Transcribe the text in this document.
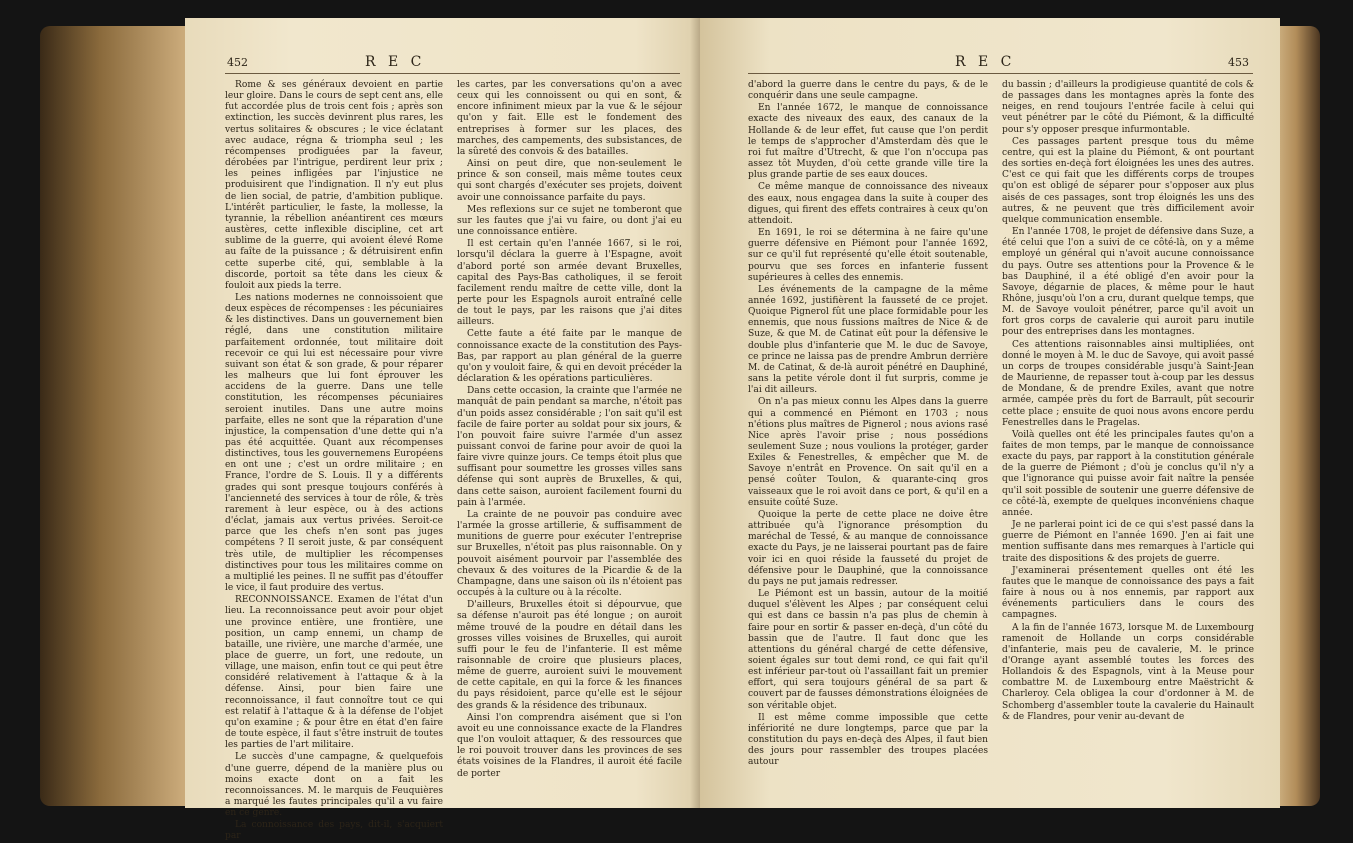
452	R E C

Rome & ses généraux devoient en partie leur gloire. Dans le cours de sept cent ans, elle fut accordée plus de trois cent fois ; après son extinction, les succès devinrent plus rares, les vertus solitaires & obscures ; le vice éclatant avec audace, régna & triompha seul ; les récompenses prodiguées par la faveur, dérobées par l'intrigue, perdirent leur prix ; les peines infligées par l'injustice ne produisirent que l'indignation. Il n'y eut plus de lien social, de patrie, d'ambition publique. L'intérêt particulier, le faste, la mollesse, la tyrannie, la rébellion anéantirent ces mœurs austères, cette inflexible discipline, cet art sublime de la guerre, qui avoient élevé Rome au faîte de la puissance ; & détruisirent enfin cette superbe cité, qui, semblable à la discorde, portoit sa tête dans les cieux & fouloit aux pieds la terre.

Les nations modernes ne connoissoient que deux espèces de récompenses : les pécuniaires & les distinctives. Dans un gouvernement bien réglé, dans une constitution militaire parfaitement ordonnée, tout militaire doit recevoir ce qui lui est nécessaire pour vivre suivant son état & son grade, & pour réparer les malheurs que lui font éprouver les accidens de la guerre. Dans une telle constitution, les récompenses pécuniaires seroient inutiles. Dans une autre moins parfaite, elles ne sont que la réparation d'une injustice, la compensation d'une dette qui n'a pas été acquittée. Quant aux récompenses distinctives, tous les gouvernemens Européens en ont une ; c'est un ordre militaire ; en France, l'ordre de S. Louis. Il y a différents grades qui sont presque toujours conférés à l'ancienneté des services à tour de rôle, & très rarement à leur espèce, ou à des actions d'éclat, jamais aux vertus privées. Seroit-ce parce que les chefs n'en sont pas juges compétens ? Il seroit juste, & par conséquent très utile, de multiplier les récompenses distinctives pour tous les militaires comme on a multiplié les peines. Il ne suffit pas d'étouffer le vice, il faut produire des vertus.

RECONNOISSANCE. Examen de l'état d'un lieu. La reconnoissance peut avoir pour objet une province entière, une frontière, une position, un camp ennemi, un champ de bataille, une rivière, une marche d'armée, une place de guerre, un fort, une redoute, un village, une maison, enfin tout ce qui peut être considéré relativement à l'attaque & à la défense. Ainsi, pour bien faire une reconnoissance, il faut connoître tout ce qui est relatif à l'attaque & à la défense de l'objet qu'on examine ; & pour être en état d'en faire de toute espèce, il faut s'être instruit de toutes les parties de l'art militaire.

Le succès d'une campagne, & quelquefois d'une guerre, dépend de la manière plus ou moins exacte dont on a fait les reconnoissances. M. le marquis de Feuquières a marqué les fautes principales qu'il a vu faire en ce genre.

La connoissance des pays, dit-il, s'acquiert par

les cartes, par les conversations qu'on a avec ceux qui les connoissent ou qui en sont, & encore infiniment mieux par la vue & le séjour qu'on y fait. Elle est le fondement des entreprises à former sur les places, des marches, des campements, des subsistances, de la sûreté des convois & des batailles.

Ainsi on peut dire, que non-seulement le prince & son conseil, mais même toutes ceux qui sont chargés d'exécuter ses projets, doivent avoir une connoissance parfaite du pays.

Mes reflexions sur ce sujet ne tomberont que sur les fautes que j'ai vu faire, ou dont j'ai eu une connoissance entière.

Il est certain qu'en l'année 1667, si le roi, lorsqu'il déclara la guerre à l'Espagne, avoit d'abord porté son armée devant Bruxelles, capital des Pays-Bas catholiques, il se feroit facilement rendu maître de cette ville, dont la perte pour les Espagnols auroit entraîné celle de tout le pays, par les raisons que j'ai dites ailleurs.

Cette faute a été faite par le manque de connoissance exacte de la constitution des Pays-Bas, par rapport au plan général de la guerre qu'on y vouloit faire, & qui en devoit précéder la déclaration & les opérations particulières.

Dans cette occasion, la crainte que l'armée ne manquât de pain pendant sa marche, n'étoit pas d'un poids assez considérable ; l'on sait qu'il est facile de faire porter au soldat pour six jours, & l'on pouvoit faire suivre l'armée d'un assez puissant convoi de farine pour avoir de quoi la faire vivre quinze jours. Ce temps étoit plus que suffisant pour soumettre les grosses villes sans défense qui sont auprès de Bruxelles, & qui, dans cette saison, auroient facilement fourni du pain à l'armée.

La crainte de ne pouvoir pas conduire avec l'armée la grosse artillerie, & suffisamment de munitions de guerre pour exécuter l'entreprise sur Bruxelles, n'étoit pas plus raisonnable. On y pouvoit aisément pourvoir par l'assemblée des chevaux & des voitures de la Picardie & de la Champagne, dans une saison où ils n'étoient pas occupés à la culture ou à la récolte.

D'ailleurs, Bruxelles étoit si dépourvue, que sa défense n'auroit pas été longue ; on auroit même trouvé de la poudre en détail dans les grosses villes voisines de Bruxelles, qui auroit suffi pour le feu de l'infanterie. Il est même raisonnable de croire que plusieurs places, même de guerre, auroient suivi le mouvement de cette capitale, en qui la force & les finances du pays résidoient, parce qu'elle est le séjour des grands & la résidence des tribunaux.

Ainsi l'on comprendra aisément que si l'on avoit eu une connoissance exacte de la Flandres que l'on vouloit attaquer, & des ressources que le roi pouvoit trouver dans les provinces de ses états voisines de la Flandres, il auroit été facile de porter

R E C	453

d'abord la guerre dans le centre du pays, & de le conquérir dans une seule campagne.

En l'année 1672, le manque de connoissance exacte des niveaux des eaux, des canaux de la Hollande & de leur effet, fut cause que l'on perdit le temps de s'approcher d'Amsterdam dès que le roi fut maître d'Utrecht, & que l'on n'occupa pas assez tôt Muyden, d'où cette grande ville tire la plus grande partie de ses eaux douces.

Ce même manque de connoissance des niveaux des eaux, nous engagea dans la suite à couper des digues, qui firent des effets contraires à ceux qu'on attendoit.

En 1691, le roi se détermina à ne faire qu'une guerre défensive en Piémont pour l'année 1692, sur ce qu'il fut représenté qu'elle étoit soutenable, pourvu que ses forces en infanterie fussent supérieures à celles des ennemis.

Les événements de la campagne de la même année 1692, justifièrent la fausseté de ce projet. Quoique Pignerol fût une place formidable pour les ennemis, que nous fussions maîtres de Nice & de Suze, & que M. de Catinat eût pour la défensive le double plus d'infanterie que M. le duc de Savoye, ce prince ne laissa pas de prendre Ambrun derrière M. de Catinat, & de-là auroit pénétré en Dauphiné, sans la petite vérole dont il fut surpris, comme je l'ai dit ailleurs.

On n'a pas mieux connu les Alpes dans la guerre qui a commencé en Piémont en 1703 ; nous n'étions plus maîtres de Pignerol ; nous avions rasé Nice après l'avoir prise ; nous possédions seulement Suze ; nous voulions la protéger, garder Exiles & Fenestrelles, & empêcher que M. de Savoye n'entrât en Provence. On sait qu'il en a pensé coûter Toulon, & quarante-cinq gros vaisseaux que le roi avoit dans ce port, & qu'il en a ensuite coûté Suze.

Quoique la perte de cette place ne doive être attribuée qu'à l'ignorance présomption du maréchal de Tessé, & au manque de connoissance exacte du Pays, je ne laisserai pourtant pas de faire voir ici en quoi réside la fausseté du projet de défensive pour le Dauphiné, que la connoissance du pays ne put jamais redresser.

Le Piémont est un bassin, autour de la moitié duquel s'élèvent les Alpes ; par conséquent celui qui est dans ce bassin n'a pas plus de chemin à faire pour en sortir & passer en-deçà, d'un côté du bassin que de l'autre. Il faut donc que les attentions du général chargé de cette défensive, soient égales sur tout demi rond, ce qui fait qu'il est inférieur par-tout où l'assaillant fait un premier effort, qui sera toujours général de sa part & couvert par de fausses démonstrations éloignées de son véritable objet.

Il est même comme impossible que cette infériorité ne dure longtemps, parce que par la constitution du pays en-deçà des Alpes, il faut bien des jours pour rassembler des troupes placées autour

du bassin ; d'ailleurs la prodigieuse quantité de cols & de passages dans les montagnes après la fonte des neiges, en rend toujours l'entrée facile à celui qui veut pénétrer par le côté du Piémont, & la difficulté pour s'y opposer presque infurmontable.

Ces passages partent presque tous du même centre, qui est la plaine du Piémont, & ont pourtant des sorties en-deçà fort éloignées les unes des autres. C'est ce qui fait que les différents corps de troupes qu'on est obligé de séparer pour s'opposer aux plus aisés de ces passages, sont trop éloignés les uns des autres, & ne peuvent que très difficilement avoir quelque communication ensemble.

En l'année 1708, le projet de défensive dans Suze, a été celui que l'on a suivi de ce côté-là, on y a même employé un général qui n'avoit aucune connoissance du pays. Outre ses attentions pour la Provence & le bas Dauphiné, il a été obligé d'en avoir pour la Savoye, dégarnie de places, & même pour le haut Rhône, jusqu'où l'on a cru, durant quelque temps, que M. de Savoye vouloit pénétrer, parce qu'il avoit un fort gros corps de cavalerie qui auroit paru inutile pour des entreprises dans les montagnes.

Ces attentions raisonnables ainsi multipliées, ont donné le moyen à M. le duc de Savoye, qui avoit passé un corps de troupes considérable jusqu'à Saint-Jean de Maurienne, de repasser tout à-coup par les dessus de Mondane, & de prendre Exiles, avant que notre armée, campée près du fort de Barrault, pût secourir cette place ; ensuite de quoi nous avons encore perdu Fenestrelles dans le Pragelas.

Voilà quelles ont été les principales fautes qu'on a faites de mon temps, par le manque de connoissance exacte du pays, par rapport à la constitution générale de la guerre de Piémont ; d'où je conclus qu'il n'y a que l'ignorance qui puisse avoir fait naître la pensée qu'il soit possible de soutenir une guerre défensive de ce côté-là, exempte de quelques inconvéniens chaque année.

Je ne parlerai point ici de ce qui s'est passé dans la guerre de Piémont en l'année 1690. J'en ai fait une mention suffisante dans mes remarques à l'article qui traite des dispositions & des projets de guerre.

J'examinerai présentement quelles ont été les fautes que le manque de connoissance des pays a fait faire à nous ou à nos ennemis, par rapport aux événements particuliers dans le cours des campagnes.

A la fin de l'année 1673, lorsque M. de Luxembourg ramenoit de Hollande un corps considérable d'infanterie, mais peu de cavalerie, M. le prince d'Orange ayant assemblé toutes les forces des Hollandois & des Espagnols, vint à la Meuse pour combattre M. de Luxembourg entre Maëstricht & Charleroy. Cela obligea la cour d'ordonner à M. de Schomberg d'assembler toute la cavalerie du Hainault & de Flandres, pour venir au-devant de
